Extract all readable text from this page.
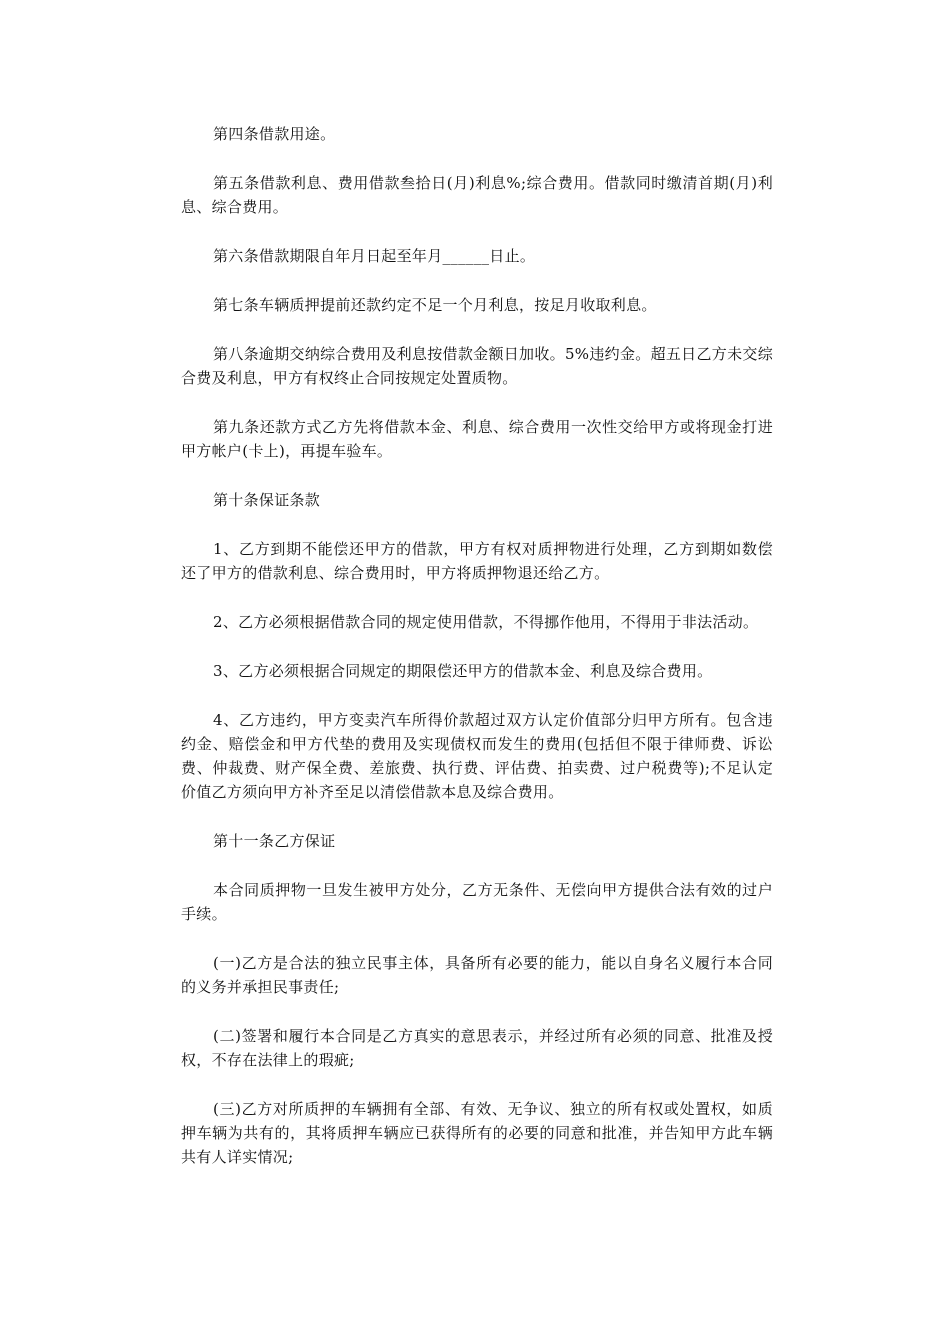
第四条借款用途。

第五条借款利息、费用借款叁拾日(月)利息%;综合费用。借款同时缴清首期(月)利息、综合费用。

第六条借款期限自年月日起至年月______日止。

第七条车辆质押提前还款约定不足一个月利息，按足月收取利息。

第八条逾期交纳综合费用及利息按借款金额日加收。5%违约金。超五日乙方未交综合费及利息，甲方有权终止合同按规定处置质物。

第九条还款方式乙方先将借款本金、利息、综合费用一次性交给甲方或将现金打进甲方帐户(卡上)，再提车验车。

第十条保证条款

1、乙方到期不能偿还甲方的借款，甲方有权对质押物进行处理，乙方到期如数偿还了甲方的借款利息、综合费用时，甲方将质押物退还给乙方。

2、乙方必须根据借款合同的规定使用借款，不得挪作他用，不得用于非法活动。

3、乙方必须根据合同规定的期限偿还甲方的借款本金、利息及综合费用。

4、乙方违约，甲方变卖汽车所得价款超过双方认定价值部分归甲方所有。包含违约金、赔偿金和甲方代垫的费用及实现债权而发生的费用(包括但不限于律师费、诉讼费、仲裁费、财产保全费、差旅费、执行费、评估费、拍卖费、过户税费等);不足认定价值乙方须向甲方补齐至足以清偿借款本息及综合费用。

第十一条乙方保证

本合同质押物一旦发生被甲方处分，乙方无条件、无偿向甲方提供合法有效的过户手续。

(一)乙方是合法的独立民事主体，具备所有必要的能力，能以自身名义履行本合同的义务并承担民事责任;

(二)签署和履行本合同是乙方真实的意思表示，并经过所有必须的同意、批准及授权，不存在法律上的瑕疵;

(三)乙方对所质押的车辆拥有全部、有效、无争议、独立的所有权或处置权，如质押车辆为共有的，其将质押车辆应已获得所有的必要的同意和批准，并告知甲方此车辆共有人详实情况;
